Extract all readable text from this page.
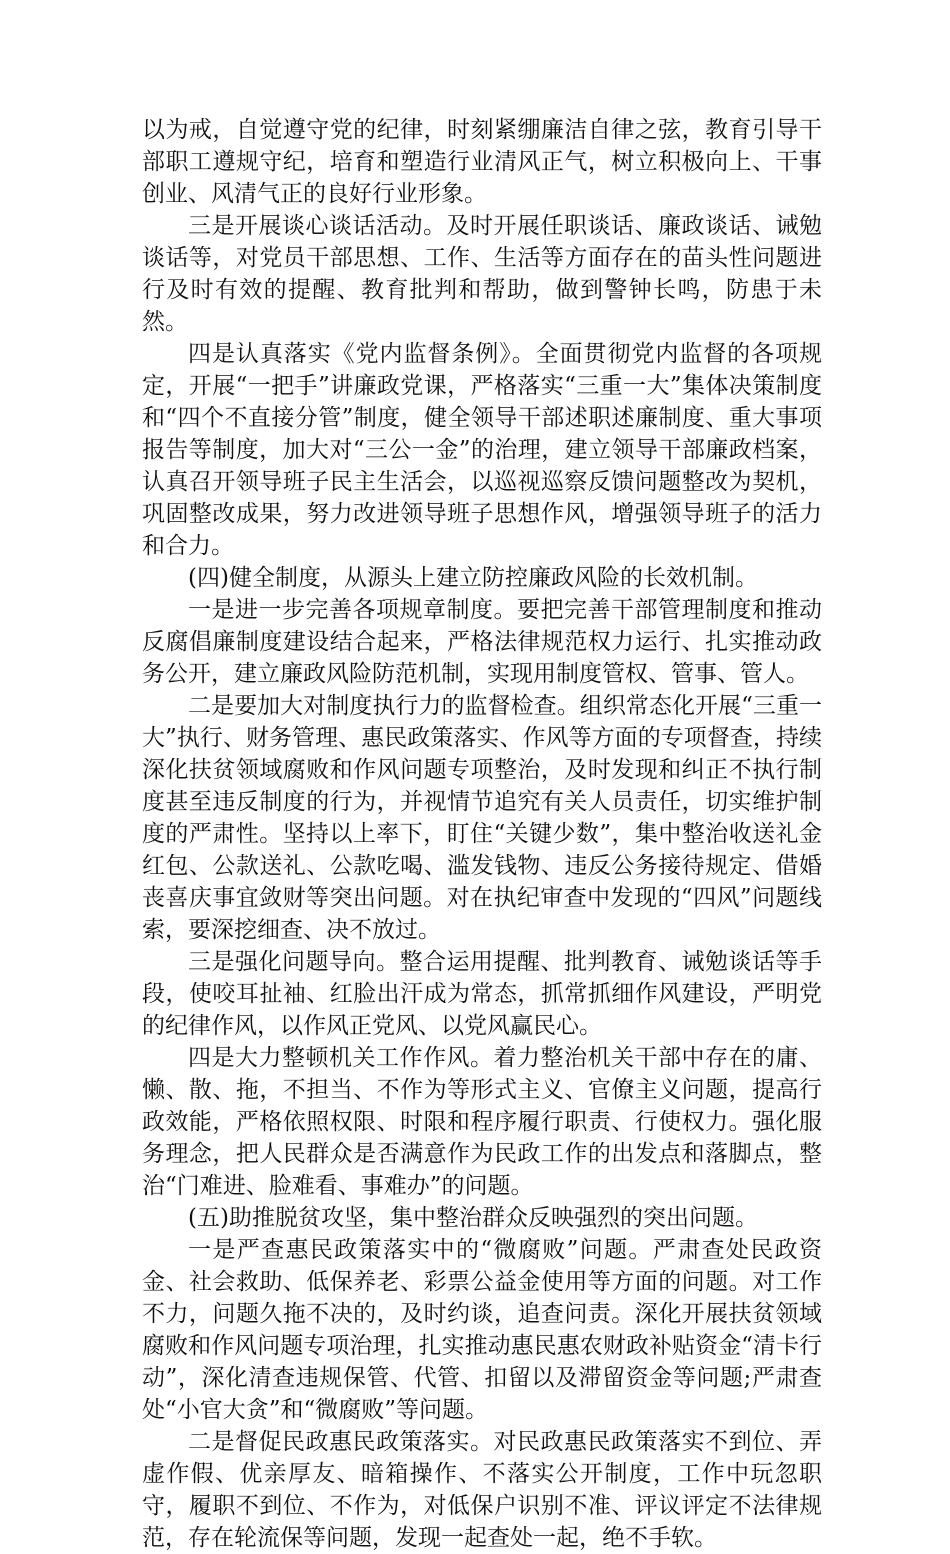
以为戒，自觉遵守党的纪律，时刻紧绷廉洁自律之弦，教育引导干部职工遵规守纪，培育和塑造行业清风正气，树立积极向上、干事创业、风清气正的良好行业形象。

三是开展谈心谈话活动。及时开展任职谈话、廉政谈话、诫勉谈话等，对党员干部思想、工作、生活等方面存在的苗头性问题进行及时有效的提醒、教育批判和帮助，做到警钟长鸣，防患于未然。

四是认真落实《党内监督条例》。全面贯彻党内监督的各项规定，开展“一把手”讲廉政党课，严格落实“三重一大”集体决策制度和“四个不直接分管”制度，健全领导干部述职述廉制度、重大事项报告等制度，加大对“三公一金”的治理，建立领导干部廉政档案，认真召开领导班子民主生活会，以巡视巡察反馈问题整改为契机，巩固整改成果，努力改进领导班子思想作风，增强领导班子的活力和合力。

(四)健全制度，从源头上建立防控廉政风险的长效机制。

一是进一步完善各项规章制度。要把完善干部管理制度和推动反腐倡廉制度建设结合起来，严格法律规范权力运行、扎实推动政务公开，建立廉政风险防范机制，实现用制度管权、管事、管人。

二是要加大对制度执行力的监督检查。组织常态化开展“三重一大”执行、财务管理、惠民政策落实、作风等方面的专项督查，持续深化扶贫领域腐败和作风问题专项整治，及时发现和纠正不执行制度甚至违反制度的行为，并视情节追究有关人员责任，切实维护制度的严肃性。坚持以上率下，盯住“关键少数”，集中整治收送礼金红包、公款送礼、公款吃喝、滥发钱物、违反公务接待规定、借婚丧喜庆事宜敛财等突出问题。对在执纪审查中发现的“四风”问题线索，要深挖细查、决不放过。

三是强化问题导向。整合运用提醒、批判教育、诫勉谈话等手段，使咬耳扯袖、红脸出汗成为常态，抓常抓细作风建设，严明党的纪律作风，以作风正党风、以党风赢民心。

四是大力整顿机关工作作风。着力整治机关干部中存在的庸、懒、散、拖，不担当、不作为等形式主义、官僚主义问题，提高行政效能，严格依照权限、时限和程序履行职责、行使权力。强化服务理念，把人民群众是否满意作为民政工作的出发点和落脚点，整治“门难进、脸难看、事难办”的问题。

(五)助推脱贫攻坚，集中整治群众反映强烈的突出问题。

一是严查惠民政策落实中的“微腐败”问题。严肃查处民政资金、社会救助、低保养老、彩票公益金使用等方面的问题。对工作不力，问题久拖不决的，及时约谈，追查问责。深化开展扶贫领域腐败和作风问题专项治理，扎实推动惠民惠农财政补贴资金“清卡行动”，深化清查违规保管、代管、扣留以及滞留资金等问题;严肃查处“小官大贪”和“微腐败”等问题。

二是督促民政惠民政策落实。对民政惠民政策落实不到位、弄虚作假、优亲厚友、暗箱操作、不落实公开制度，工作中玩忽职守，履职不到位、不作为，对低保户识别不准、评议评定不法律规范，存在轮流保等问题，发现一起查处一起，绝不手软。
